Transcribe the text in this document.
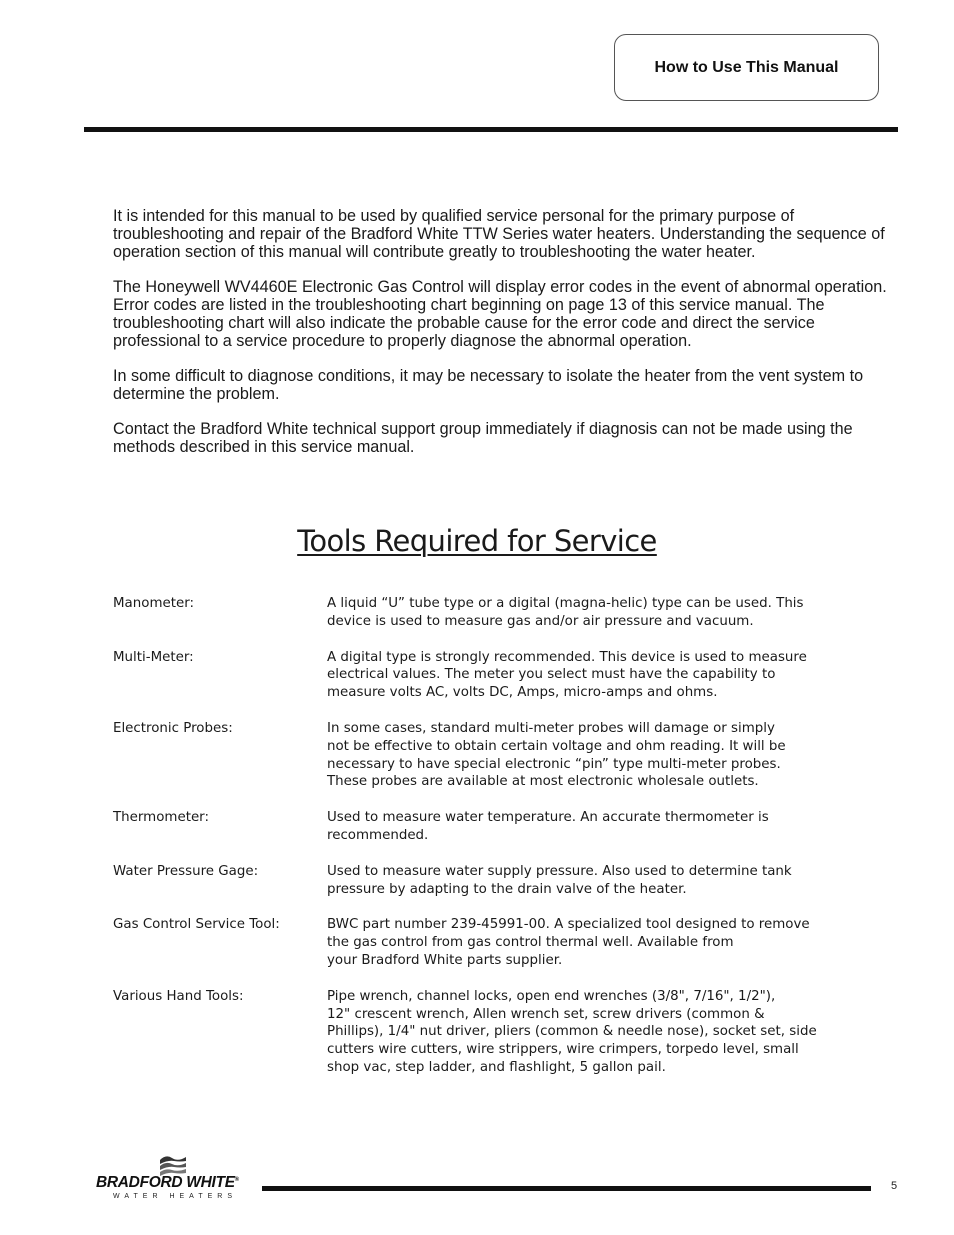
How to Use This Manual

It is intended for this manual to be used by qualified service personal for the primary purpose of troubleshooting and repair of the Bradford White TTW Series water heaters. Understanding the sequence of operation section of this manual will contribute greatly to troubleshooting the water heater.

The Honeywell WV4460E Electronic Gas Control will display error codes in the event of abnormal operation. Error codes are listed in the troubleshooting chart beginning on page 13 of this service manual. The troubleshooting chart will also indicate the probable cause for the error code and direct the service professional to a service procedure to properly diagnose the abnormal operation.

In some difficult to diagnose conditions, it may be necessary to isolate the heater from the vent system to determine the problem.

Contact the Bradford White technical support group immediately if diagnosis can not be made using the methods described in this service manual.

Tools Required for Service
Manometer:	A liquid “U” tube type or a digital (magna-helic) type can be used. This
device is used to measure gas and/or air pressure and vacuum.
Multi-Meter:	A digital type is strongly recommended. This device is used to measure
electrical values. The meter you select must have the capability to
measure volts AC, volts DC, Amps, micro-amps and ohms.
Electronic Probes:	In some cases, standard multi-meter probes will damage or simply
not be effective to obtain certain voltage and ohm reading. It will be
necessary to have special electronic “pin” type multi-meter probes.
These probes are available at most electronic wholesale outlets.
Thermometer:	Used to measure water temperature. An accurate thermometer is
recommended.
Water Pressure Gage:	Used to measure water supply pressure. Also used to determine tank
pressure by adapting to the drain valve of the heater.
Gas Control Service Tool:	BWC part number 239-45991-00. A specialized tool designed to remove
the gas control from gas control thermal well. Available from
your Bradford White parts supplier.
Various Hand Tools:	Pipe wrench, channel locks, open end wrenches (3/8", 7/16", 1/2"),
12" crescent wrench, Allen wrench set, screw drivers (common &
Phillips), 1/4" nut driver, pliers (common & needle nose), socket set, side
cutters wire cutters, wire strippers, wire crimpers, torpedo level, small
shop vac, step ladder, and flashlight, 5 gallon pail.
BRADFORD WHITE®
WATER HEATERS
5
